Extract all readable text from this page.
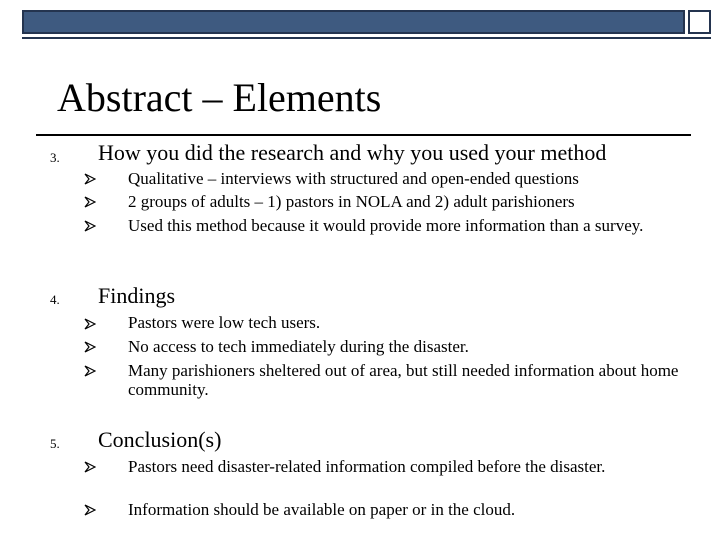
Abstract – Elements
3. How you did the research and why you used your method
Qualitative – interviews with structured and open-ended questions
2 groups of adults – 1) pastors in NOLA and 2) adult parishioners
Used this method because it would provide more information than a survey.
4. Findings
Pastors were low tech users.
No access to tech immediately during the disaster.
Many parishioners sheltered out of area, but still needed information about home community.
5. Conclusion(s)
Pastors need disaster-related information compiled before the disaster.
Information should be available on paper or in the cloud.
